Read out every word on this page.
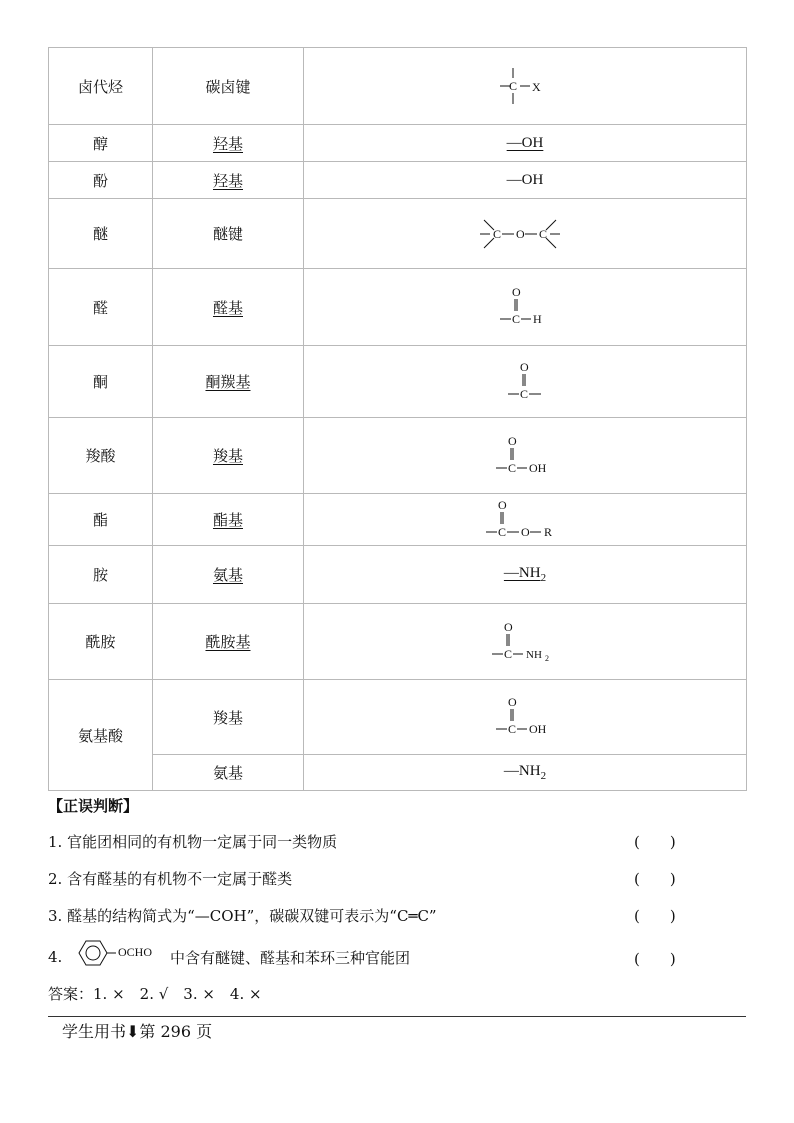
卤代烃	碳卤键	C X

醇	羟基	—OH
酚	羟基	—OH
醚	醚键	C O C

醛	醛基	O
C H

酮	酮羰基	O
C

羧酸	羧基	O
C OH

酯	酯基	O
C O R

胺	氨基	$—NH_2$
酰胺	酰胺基	O
C NH 2

氨基酸	羧基	O
C OH

	氨基	$—NH_2$
【正误判断】
1. 官能团相同的有机物一定属于同一类物质	(　　)
2. 含有醛基的有机物不一定属于醛类	(　　)
3. 醛基的结构简式为“—COH”，碳碳双键可表示为“C═C”	(　　)
4.	OCHO 中含有醚键、醛基和苯环三种官能团	(　　)
答案：1. ×　2. √　3. ×　4. ×
学生用书⬇第 296 页
